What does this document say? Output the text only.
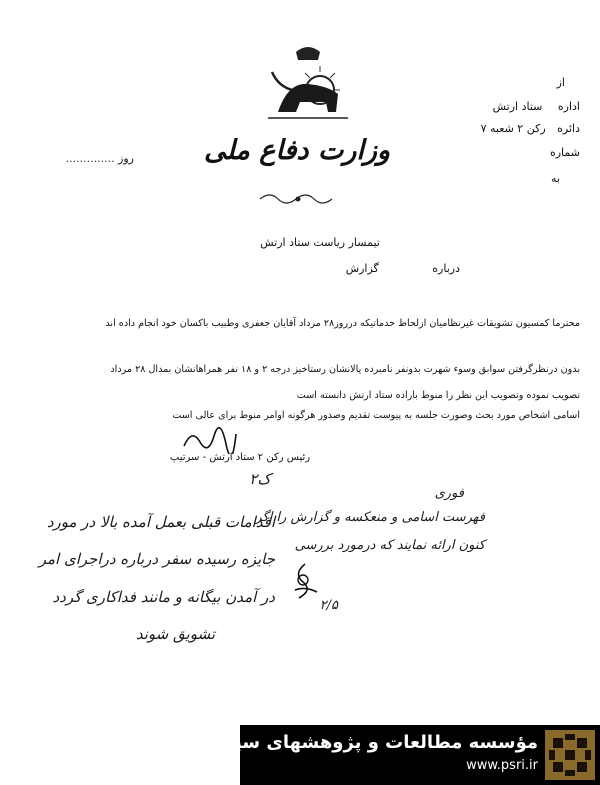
روز ..............	وزارت دفاع ملی
از
اداره ستاد ارتش
دائره رکن ۲ شعبه ۷
شماره
به
تیمسار ریاست ستاد ارتش
درباره گزارش
محترما کمسیون تشویقات غیرنظامیان ازلحاظ خدماتیکه درروز۲۸ مرداد آقایان جعفری وطبیب باکسان خود انجام داده اند
بدون درنظرگرفتن سوابق وسوء شهرت بدونفر نامبرده پالانشان رستاخیز درجه ۲ و ۱۸ نفر همراهانشان بمدال ۲۸ مرداد
تصویب نموده وتصویب این نظر را منوط باراده ستاد ارتش دانسته است
اسامی اشخاص مورد بحث وصورت جلسه به پیوست تقدیم وصدور هرگونه اوامر منوط برای عالی است
رئیس رکن ۲ ستاد ارتش - سرتیپ
ک۲
فوری
فهرست اسامی و منعکسه و گزارش را اگر
کنون ارائه نمایند که درمورد بررسی
۲/۵
اقدامات قبلی بعمل آمده بالا در مورد
جایزه رسیده سفر درباره دراجرای امر
در آمدن بیگانه و مانند فداکاری گردد
تشویق شوند
مؤسسه مطالعات و پژوهشهای سیاسی
www.psri.ir
